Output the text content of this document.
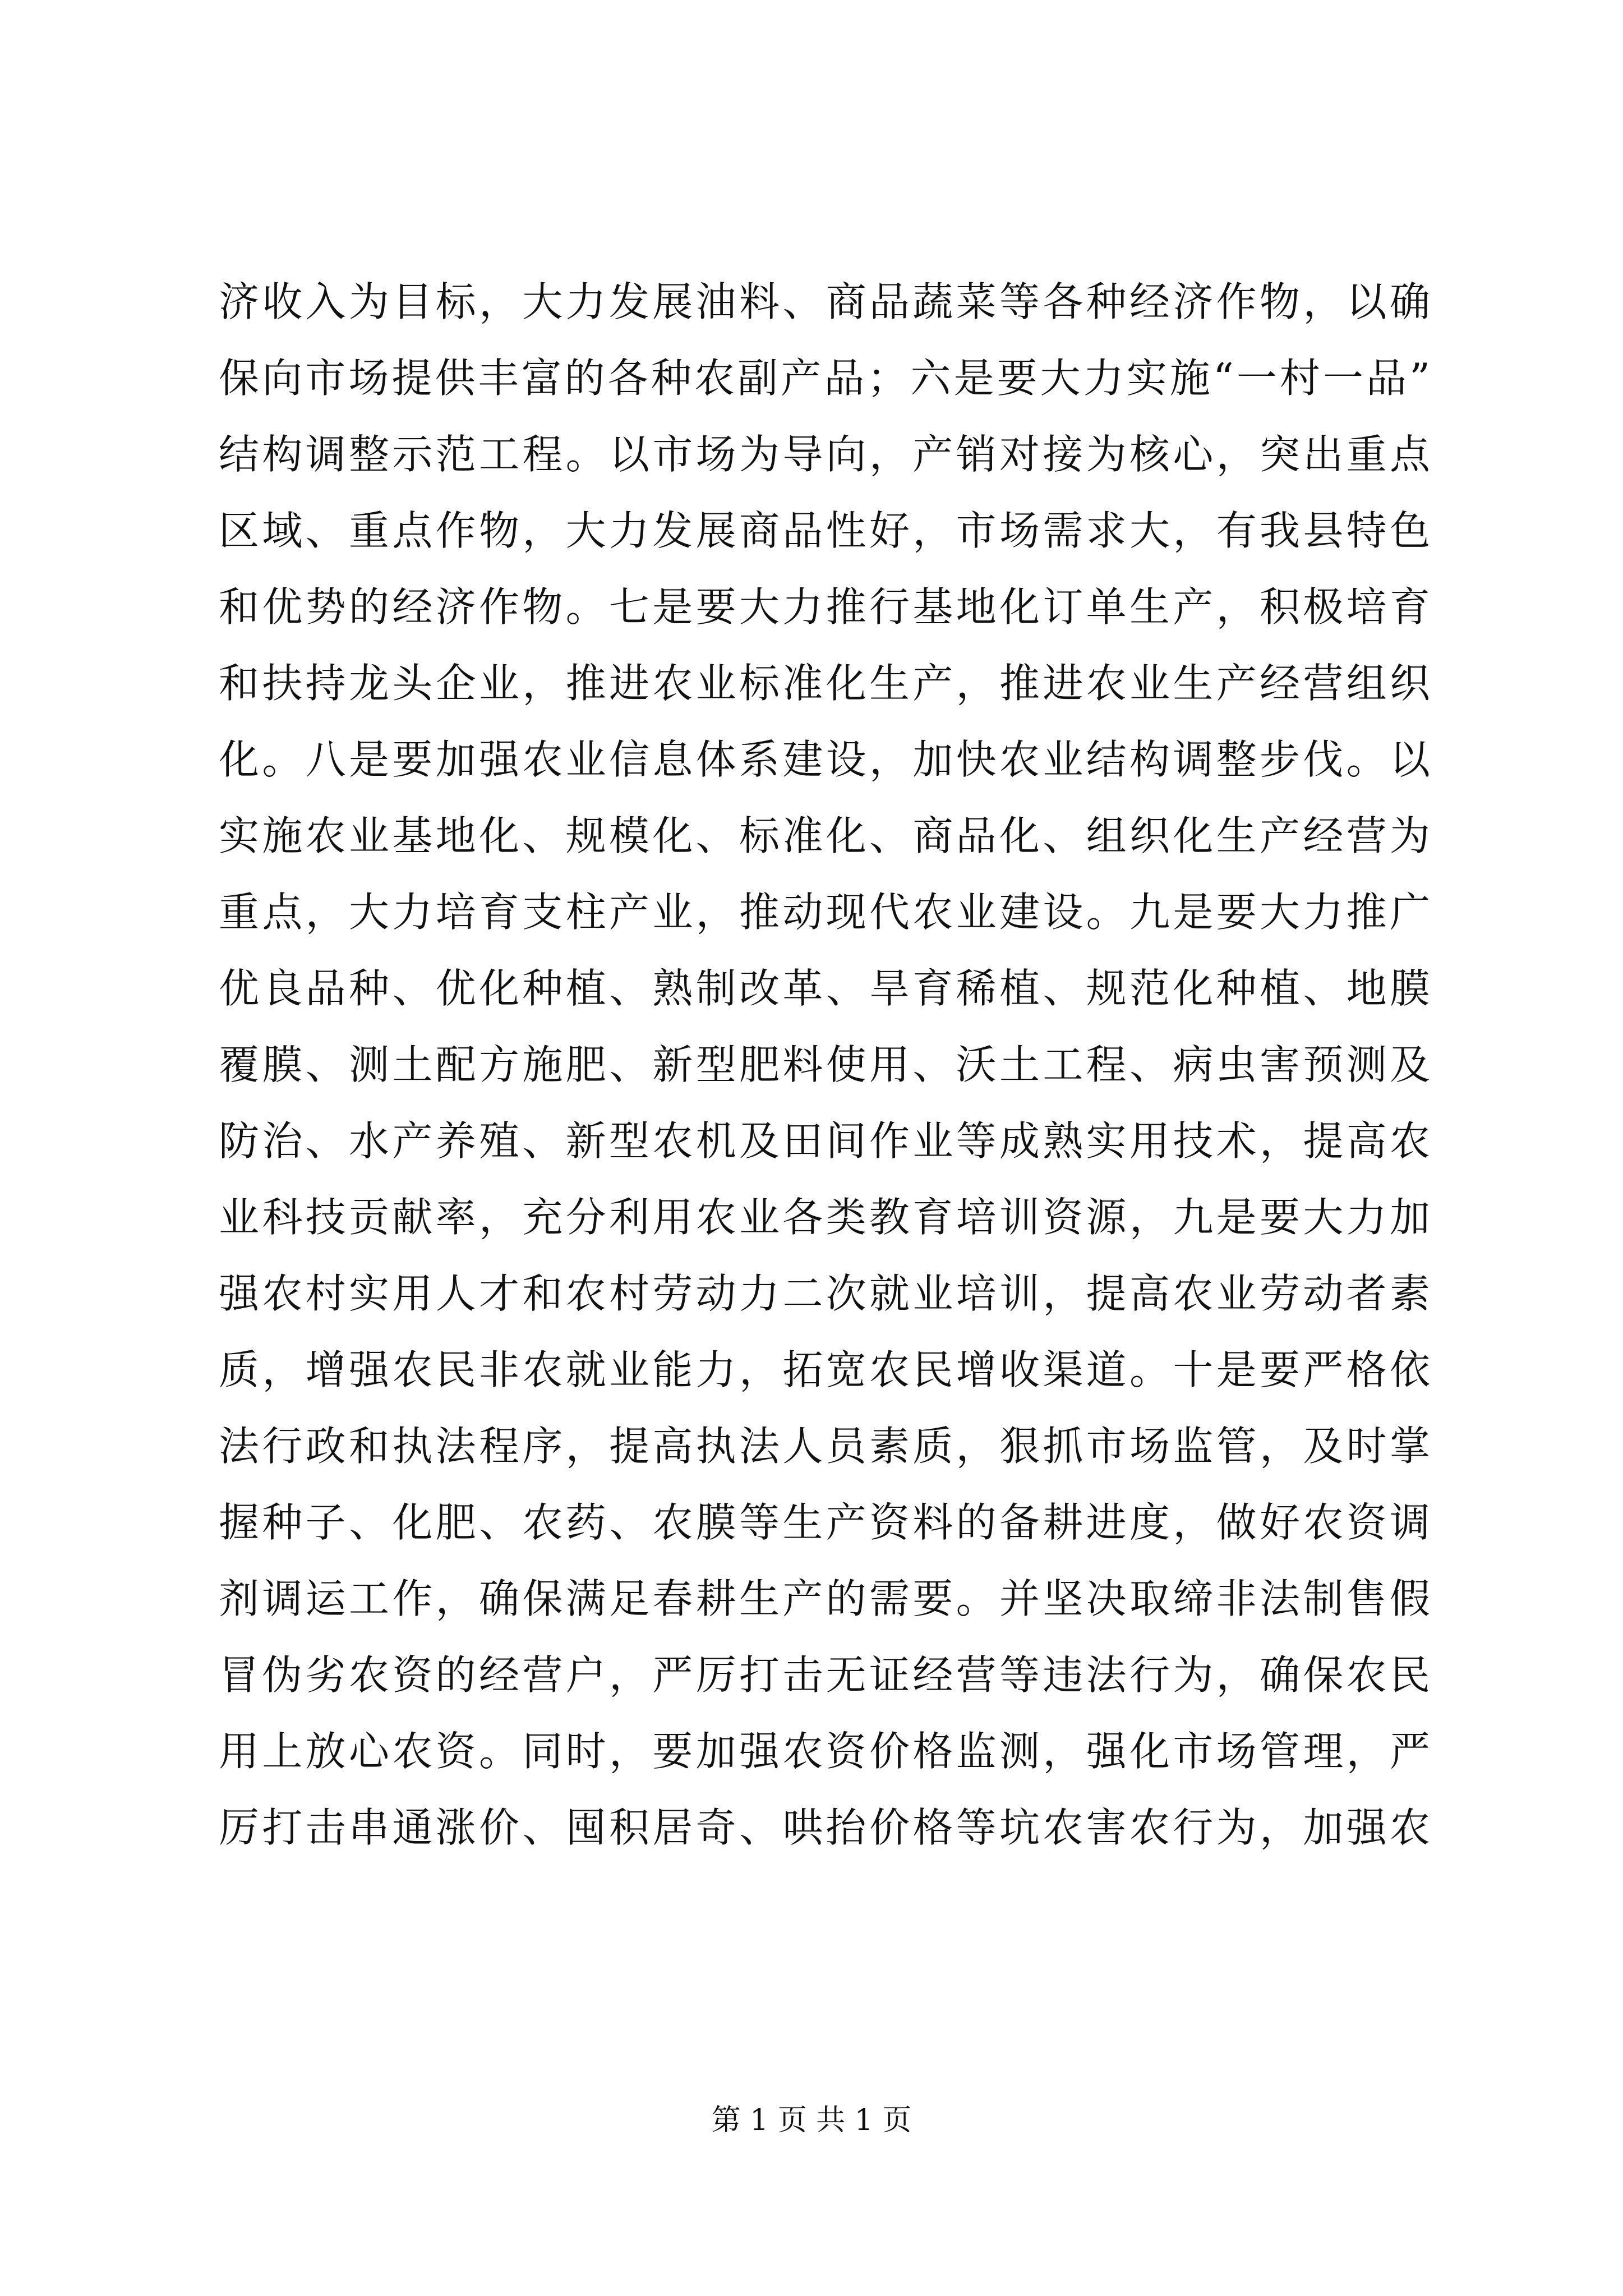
济收入为目标，大力发展油料、商品蔬菜等各种经济作物，以确
保向市场提供丰富的各种农副产品；六是要大力实施“一村一品”
结构调整示范工程。以市场为导向，产销对接为核心，突出重点
区域、重点作物，大力发展商品性好，市场需求大，有我县特色
和优势的经济作物。七是要大力推行基地化订单生产，积极培育
和扶持龙头企业，推进农业标准化生产，推进农业生产经营组织
化。八是要加强农业信息体系建设，加快农业结构调整步伐。以
实施农业基地化、规模化、标准化、商品化、组织化生产经营为
重点，大力培育支柱产业，推动现代农业建设。九是要大力推广
优良品种、优化种植、熟制改革、旱育稀植、规范化种植、地膜
覆膜、测土配方施肥、新型肥料使用、沃土工程、病虫害预测及
防治、水产养殖、新型农机及田间作业等成熟实用技术，提高农
业科技贡献率，充分利用农业各类教育培训资源，九是要大力加
强农村实用人才和农村劳动力二次就业培训，提高农业劳动者素
质，增强农民非农就业能力，拓宽农民增收渠道。十是要严格依
法行政和执法程序，提高执法人员素质，狠抓市场监管，及时掌
握种子、化肥、农药、农膜等生产资料的备耕进度，做好农资调
剂调运工作，确保满足春耕生产的需要。并坚决取缔非法制售假
冒伪劣农资的经营户，严厉打击无证经营等违法行为，确保农民
用上放心农资。同时，要加强农资价格监测，强化市场管理，严
厉打击串通涨价、囤积居奇、哄抬价格等坑农害农行为，加强农
第 1 页 共 1 页
